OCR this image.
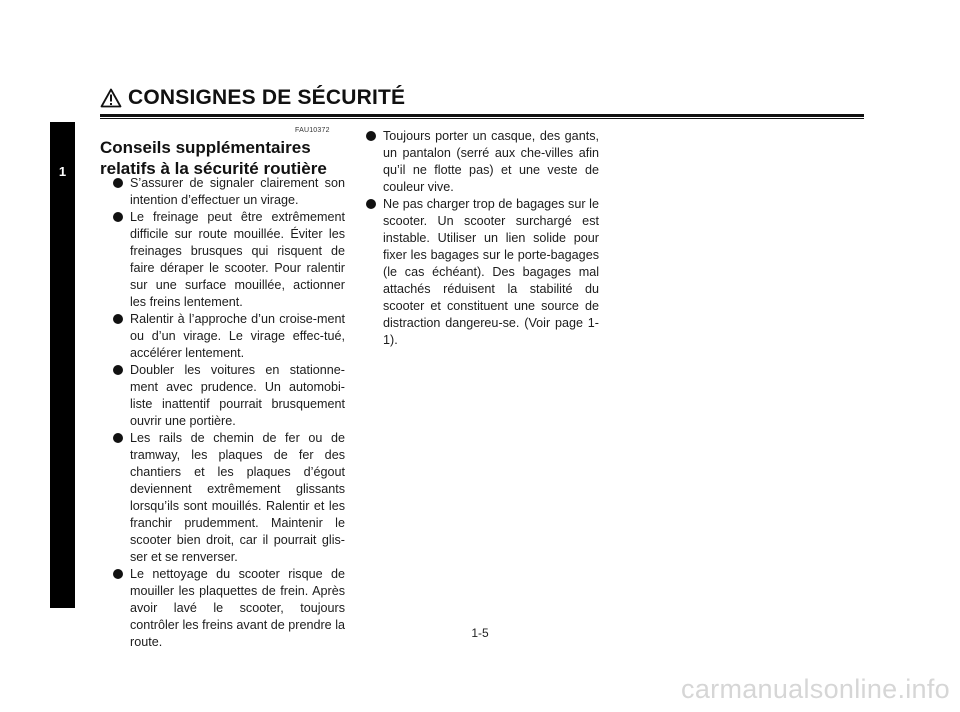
CONSIGNES DE SÉCURITÉ
1
FAU10372
Conseils supplémentaires
relatifs à la sécurité routière
S’assurer de signaler clairement son intention d’effectuer un virage.
Le freinage peut être extrêmement difficile sur route mouillée. Éviter les freinages brusques qui risquent de faire déraper le scooter. Pour ralentir sur une surface mouillée, actionner les freins lentement.
Ralentir à l’approche d’un croise-ment ou d’un virage. Le virage effec-tué, accélérer lentement.
Doubler les voitures en stationne-ment avec prudence. Un automobi-liste inattentif pourrait brusquement ouvrir une portière.
Les rails de chemin de fer ou de tramway, les plaques de fer des chantiers et les plaques d’égout deviennent extrêmement glissants lorsqu’ils sont mouillés. Ralentir et les franchir prudemment. Maintenir le scooter bien droit, car il pourrait glis-ser et se renverser.
Le nettoyage du scooter risque de mouiller les plaquettes de frein. Après avoir lavé le scooter, toujours contrôler les freins avant de prendre la route.
Toujours porter un casque, des gants, un pantalon (serré aux che-villes afin qu’il ne flotte pas) et une veste de couleur vive.
Ne pas charger trop de bagages sur le scooter. Un scooter surchargé est instable. Utiliser un lien solide pour fixer les bagages sur le porte-bagages (le cas échéant). Des bagages mal attachés réduisent la stabilité du scooter et constituent une source de distraction dangereu-se. (Voir page 1-1).
1-5
carmanualsonline.info
